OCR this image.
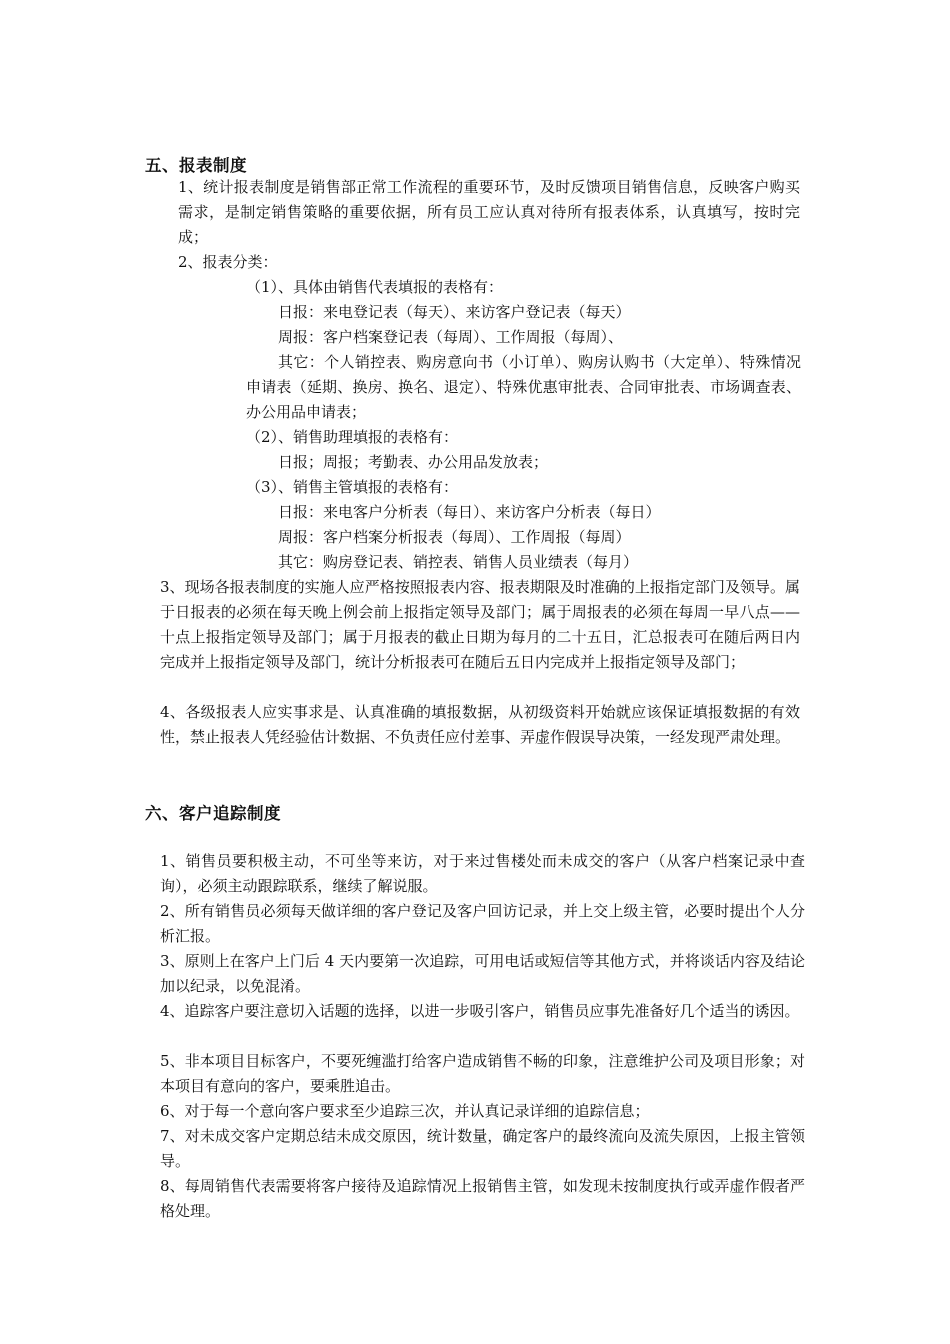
五、报表制度
1、统计报表制度是销售部正常工作流程的重要环节，及时反馈项目销售信息，反映客户购买需求，是制定销售策略的重要依据，所有员工应认真对待所有报表体系，认真填写，按时完成；
2、报表分类：
（1）、具体由销售代表填报的表格有：
日报：来电登记表（每天）、来访客户登记表（每天）
周报：客户档案登记表（每周）、工作周报（每周）、
其它：个人销控表、购房意向书（小订单）、购房认购书（大定单）、特殊情况申请表（延期、换房、换名、退定）、特殊优惠审批表、合同审批表、市场调查表、办公用品申请表；
（2）、销售助理填报的表格有：
日报；周报；考勤表、办公用品发放表；
（3）、销售主管填报的表格有：
日报：来电客户分析表（每日）、来访客户分析表（每日）
周报：客户档案分析报表（每周）、工作周报（每周）
其它：购房登记表、销控表、销售人员业绩表（每月）
3、现场各报表制度的实施人应严格按照报表内容、报表期限及时准确的上报指定部门及领导。属于日报表的必须在每天晚上例会前上报指定领导及部门；属于周报表的必须在每周一早八点——十点上报指定领导及部门；属于月报表的截止日期为每月的二十五日，汇总报表可在随后两日内完成并上报指定领导及部门，统计分析报表可在随后五日内完成并上报指定领导及部门；
4、各级报表人应实事求是、认真准确的填报数据，从初级资料开始就应该保证填报数据的有效性，禁止报表人凭经验估计数据、不负责任应付差事、弄虚作假误导决策，一经发现严肃处理。
六、客户追踪制度
1、销售员要积极主动，不可坐等来访，对于来过售楼处而未成交的客户（从客户档案记录中查询），必须主动跟踪联系，继续了解说服。
2、所有销售员必须每天做详细的客户登记及客户回访记录，并上交上级主管，必要时提出个人分析汇报。
3、原则上在客户上门后 4 天内要第一次追踪，可用电话或短信等其他方式，并将谈话内容及结论加以纪录，以免混淆。
4、追踪客户要注意切入话题的选择，以进一步吸引客户，销售员应事先准备好几个适当的诱因。
5、非本项目目标客户，不要死缠滥打给客户造成销售不畅的印象，注意维护公司及项目形象；对本项目有意向的客户，要乘胜追击。
6、对于每一个意向客户要求至少追踪三次，并认真记录详细的追踪信息；
7、对未成交客户定期总结未成交原因，统计数量，确定客户的最终流向及流失原因，上报主管领导。
8、每周销售代表需要将客户接待及追踪情况上报销售主管，如发现未按制度执行或弄虚作假者严格处理。
